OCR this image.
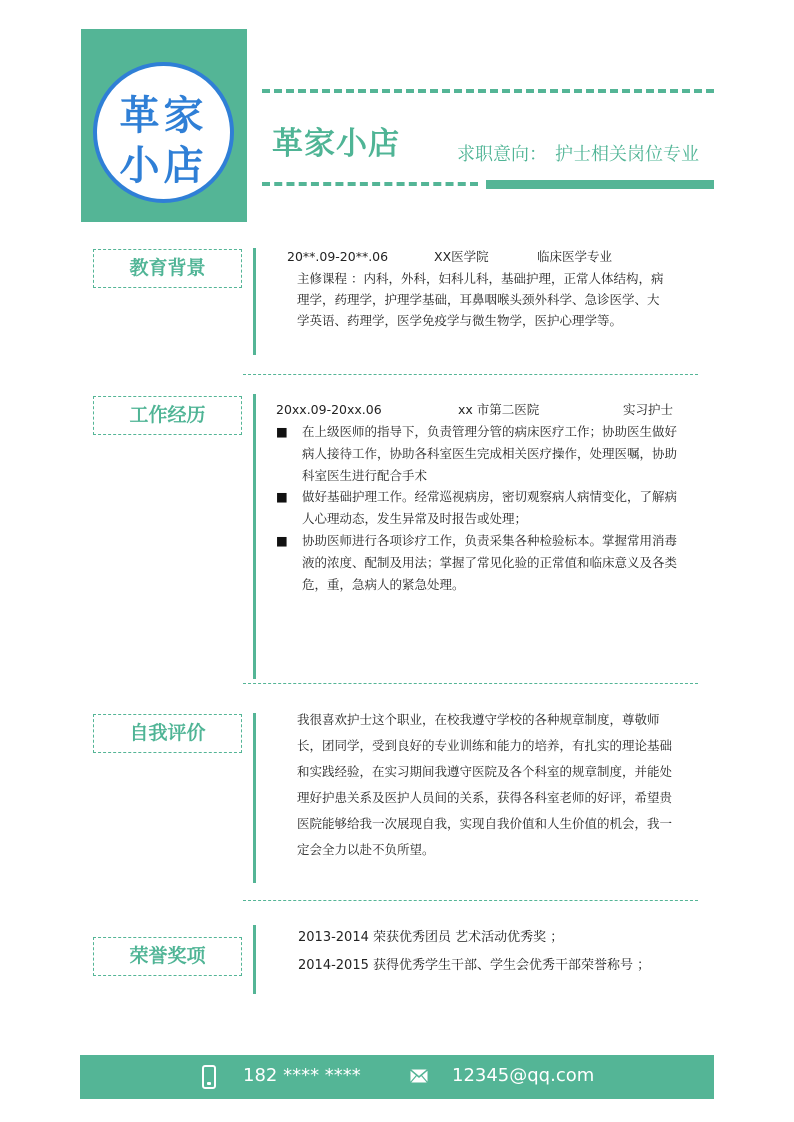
革家
小店	革家小店	求职意向： 护士相关岗位专业
教育背景
20**.09-20**.06	XX医学院	临床医学专业
主修课程 ：内科，外科，妇科儿科，基础护理，正常人体结构，病
理学，药理学，护理学基础，耳鼻咽喉头颈外科学、急诊医学、大
学英语、药理学，医学免疫学与微生物学，医护心理学等。
工作经历	20xx.09-20xx.06	xx 市第二医院	实习护士
■ 在上级医师的指导下，负责管理分管的病床医疗工作；协助医生做好
病人接待工作，协助各科室医生完成相关医疗操作，处理医嘱，协助
科室医生进行配合手术
■ 做好基础护理工作。经常巡视病房，密切观察病人病情变化，了解病
人心理动态，发生异常及时报告或处理；
■ 协助医师进行各项诊疗工作，负责采集各种检验标本。掌握常用消毒
液的浓度、配制及用法；掌握了常见化验的正常值和临床意义及各类
危，重，急病人的紧急处理。
自我评价
我很喜欢护士这个职业，在校我遵守学校的各种规章制度，尊敬师
长，团同学，受到良好的专业训练和能力的培养，有扎实的理论基础
和实践经验，在实习期间我遵守医院及各个科室的规章制度，并能处
理好护患关系及医护人员间的关系，获得各科室老师的好评，希望贵
医院能够给我一次展现自我，实现自我价值和人生价值的机会，我一
定会全力以赴不负所望。
荣誉奖项
2013-2014 荣获优秀团员 艺术活动优秀奖 ；
2014-2015 获得优秀学生干部、学生会优秀干部荣誉称号 ；
182 **** ****	12345@qq.com
